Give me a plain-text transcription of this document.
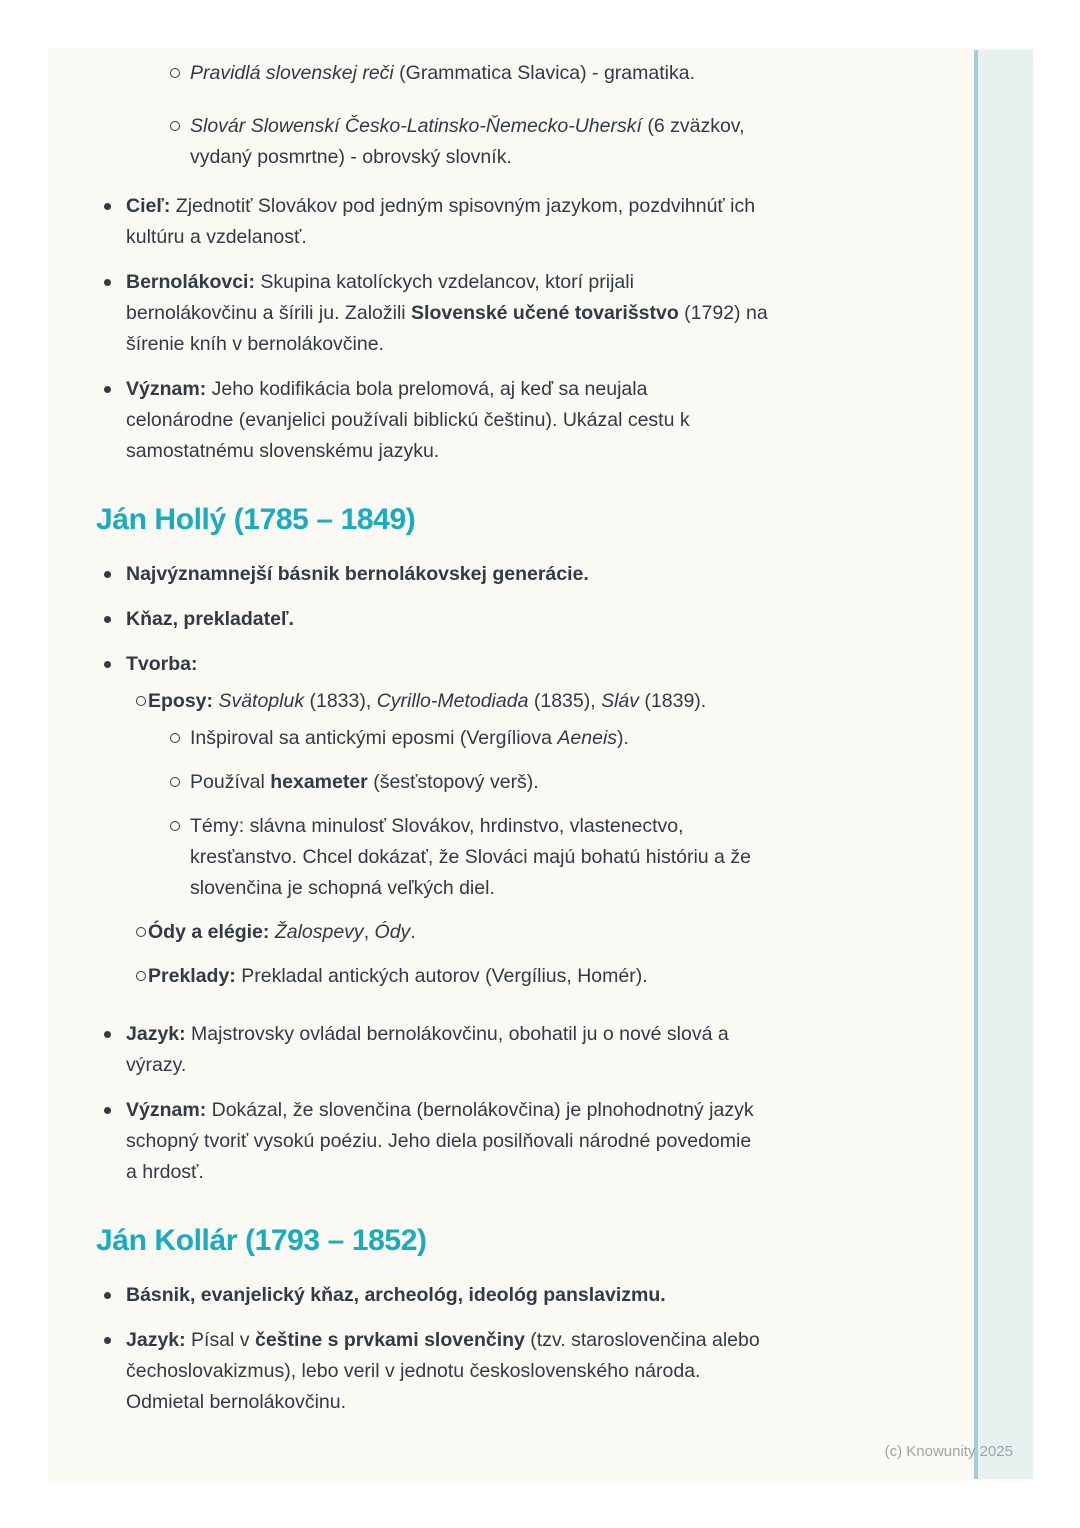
Pravidlá slovenskej reči (Grammatica Slavica) - gramatika.
Slovár Slowenskí Česko-Latinsko-Ňemecko-Uherskí (6 zväzkov,
vydaný posmrtne) - obrovský slovník.
Cieľ: Zjednotiť Slovákov pod jedným spisovným jazykom, pozdvihnúť ich
kultúru a vzdelanosť.
Bernolákovci: Skupina katolíckych vzdelancov, ktorí prijali
bernolákovčinu a šírili ju. Založili Slovenské učené tovarišstvo (1792) na
šírenie kníh v bernolákovčine.
Význam: Jeho kodifikácia bola prelomová, aj keď sa neujala
celonárodne (evanjelici používali biblickú češtinu). Ukázal cestu k
samostatnému slovenskému jazyku.
Ján Hollý (1785 – 1849)
Najvýznamnejší básnik bernolákovskej generácie.
Kňaz, prekladateľ.
Tvorba:
Eposy: Svätopluk (1833), Cyrillo-Metodiada (1835), Sláv (1839).
Inšpiroval sa antickými eposmi (Vergíliova Aeneis).
Používal hexameter (šesťstopový verš).
Témy: slávna minulosť Slovákov, hrdinstvo, vlastenectvo,
kresťanstvo. Chcel dokázať, že Slováci majú bohatú históriu a že
slovenčina je schopná veľkých diel.
Ódy a elégie: Žalospevy, Ódy.
Preklady: Prekladal antických autorov (Vergílius, Homér).
Jazyk: Majstrovsky ovládal bernolákovčinu, obohatil ju o nové slová a
výrazy.
Význam: Dokázal, že slovenčina (bernolákovčina) je plnohodnotný jazyk
schopný tvoriť vysokú poéziu. Jeho diela posilňovali národné povedomie
a hrdosť.
Ján Kollár (1793 – 1852)
Básnik, evanjelický kňaz, archeológ, ideológ panslavizmu.
Jazyk: Písal v češtine s prvkami slovenčiny (tzv. staroslovenčina alebo
čechoslovakizmus), lebo veril v jednotu československého národa.
Odmietal bernolákovčinu.
(c) Knowunity 2025
